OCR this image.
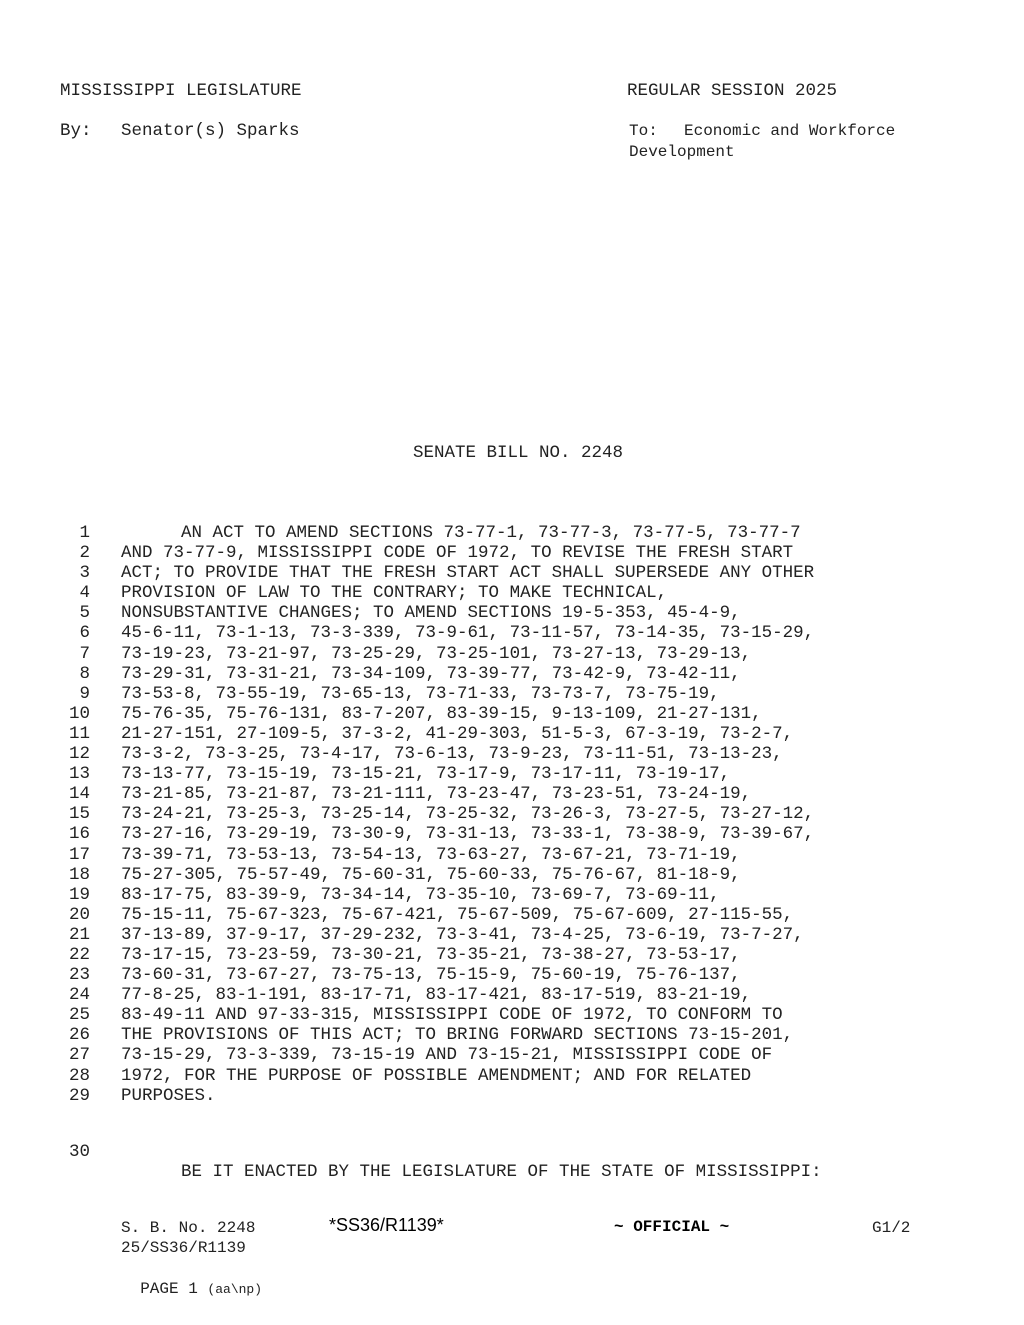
MISSISSIPPI LEGISLATURE	REGULAR SESSION 2025
By: Senator(s) Sparks	To: Economic and Workforce
Development
SENATE BILL NO. 2248
1	AN ACT TO AMEND SECTIONS 73-77-1, 73-77-3, 73-77-5, 73-77-7
2 AND 73-77-9, MISSISSIPPI CODE OF 1972, TO REVISE THE FRESH START
3 ACT; TO PROVIDE THAT THE FRESH START ACT SHALL SUPERSEDE ANY OTHER
4 PROVISION OF LAW TO THE CONTRARY; TO MAKE TECHNICAL,
5 NONSUBSTANTIVE CHANGES; TO AMEND SECTIONS 19-5-353, 45-4-9,
6 45-6-11, 73-1-13, 73-3-339, 73-9-61, 73-11-57, 73-14-35, 73-15-29,
7 73-19-23, 73-21-97, 73-25-29, 73-25-101, 73-27-13, 73-29-13,
8 73-29-31, 73-31-21, 73-34-109, 73-39-77, 73-42-9, 73-42-11,
9 73-53-8, 73-55-19, 73-65-13, 73-71-33, 73-73-7, 73-75-19,
10 75-76-35, 75-76-131, 83-7-207, 83-39-15, 9-13-109, 21-27-131,
11 21-27-151, 27-109-5, 37-3-2, 41-29-303, 51-5-3, 67-3-19, 73-2-7,
12 73-3-2, 73-3-25, 73-4-17, 73-6-13, 73-9-23, 73-11-51, 73-13-23,
13 73-13-77, 73-15-19, 73-15-21, 73-17-9, 73-17-11, 73-19-17,
14 73-21-85, 73-21-87, 73-21-111, 73-23-47, 73-23-51, 73-24-19,
15 73-24-21, 73-25-3, 73-25-14, 73-25-32, 73-26-3, 73-27-5, 73-27-12,
16 73-27-16, 73-29-19, 73-30-9, 73-31-13, 73-33-1, 73-38-9, 73-39-67,
17 73-39-71, 73-53-13, 73-54-13, 73-63-27, 73-67-21, 73-71-19,
18 75-27-305, 75-57-49, 75-60-31, 75-60-33, 75-76-67, 81-18-9,
19 83-17-75, 83-39-9, 73-34-14, 73-35-10, 73-69-7, 73-69-11,
20 75-15-11, 75-67-323, 75-67-421, 75-67-509, 75-67-609, 27-115-55,
21 37-13-89, 37-9-17, 37-29-232, 73-3-41, 73-4-25, 73-6-19, 73-7-27,
22 73-17-15, 73-23-59, 73-30-21, 73-35-21, 73-38-27, 73-53-17,
23 73-60-31, 73-67-27, 73-75-13, 75-15-9, 75-60-19, 75-76-137,
24 77-8-25, 83-1-191, 83-17-71, 83-17-421, 83-17-519, 83-21-19,
25 83-49-11 AND 97-33-315, MISSISSIPPI CODE OF 1972, TO CONFORM TO
26 THE PROVISIONS OF THIS ACT; TO BRING FORWARD SECTIONS 73-15-201,
27 73-15-29, 73-3-339, 73-15-19 AND 73-15-21, MISSISSIPPI CODE OF
28 1972, FOR THE PURPOSE OF POSSIBLE AMENDMENT; AND FOR RELATED
29 PURPOSES.

30

BE IT ENACTED BY THE LEGISLATURE OF THE STATE OF MISSISSIPPI:

S. B. No. 2248	*SS36/R1139*	~ OFFICIAL ~	G1/2
25/SS36/R1139

PAGE 1 (aa\np)
